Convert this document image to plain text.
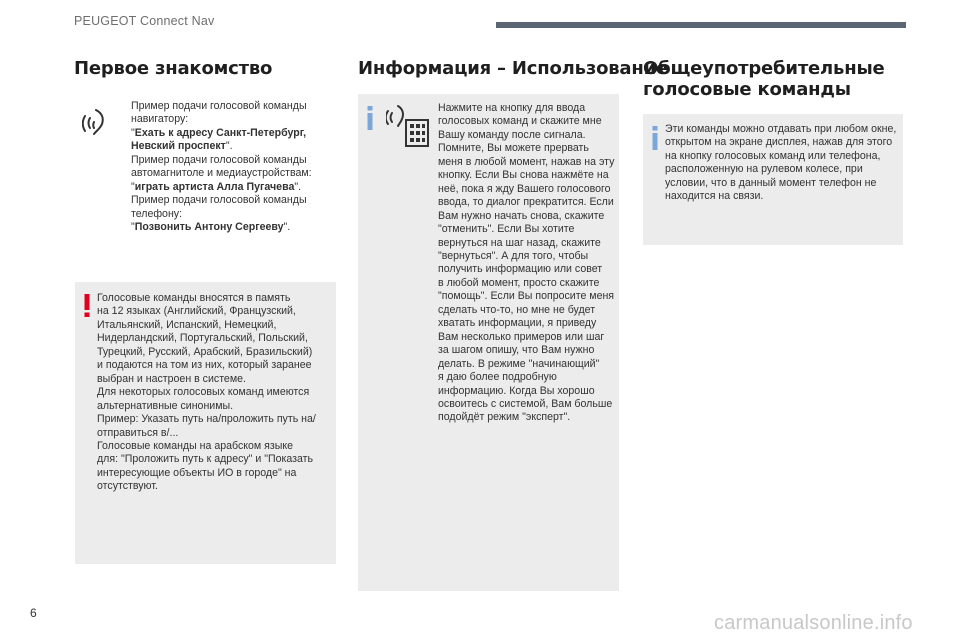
PEUGEOT Connect Nav
Первое знакомство
Пример подачи голосовой команды
навигатору:
"Ехать к адресу Санкт-Петербург,
Невский проспект".
Пример подачи голосовой команды
автомагнитоле и медиаустройствам:
"играть артиста Алла Пугачева".
Пример подачи голосовой команды
телефону:
"Позвонить Антону Сергееву".
Голосовые команды вносятся в память
на 12 языках (Английский, Французский,
Итальянский, Испанский, Немецкий,
Нидерландский, Португальский, Польский,
Турецкий, Русский, Арабский, Бразильский)
и подаются на том из них, который заранее
выбран и настроен в системе.
Для некоторых голосовых команд имеются
альтернативные синонимы.
Пример: Указать путь на/проложить путь на/
отправиться в/...
Голосовые команды на арабском языке
для: "Проложить путь к адресу" и "Показать
интересующие объекты ИО в городе" на
отсутствуют.
Информация – Использование
Нажмите на кнопку для ввода
голосовых команд и скажите мне
Вашу команду после сигнала.
Помните, Вы можете прервать
меня в любой момент, нажав на эту
кнопку. Если Вы снова нажмёте на
неё, пока я жду Вашего голосового
ввода, то диалог прекратится. Если
Вам нужно начать снова, скажите
"отменить". Если Вы хотите
вернуться на шаг назад, скажите
"вернуться". А для того, чтобы
получить информацию или совет
в любой момент, просто скажите
"помощь". Если Вы попросите меня
сделать что-то, но мне не будет
хватать информации, я приведу
Вам несколько примеров или шаг
за шагом опишу, что Вам нужно
делать. В режиме "начинающий"
я даю более подробную
информацию. Когда Вы хорошо
освоитесь с системой, Вам больше
подойдёт режим "эксперт".
Общеупотребительные
голосовые команды
Эти команды можно отдавать при любом окне,
открытом на экране дисплея, нажав для этого
на кнопку голосовых команд или телефона,
расположенную на рулевом колесе, при
условии, что в данный момент телефон не
находится на связи.
6	carmanualsonline.info
